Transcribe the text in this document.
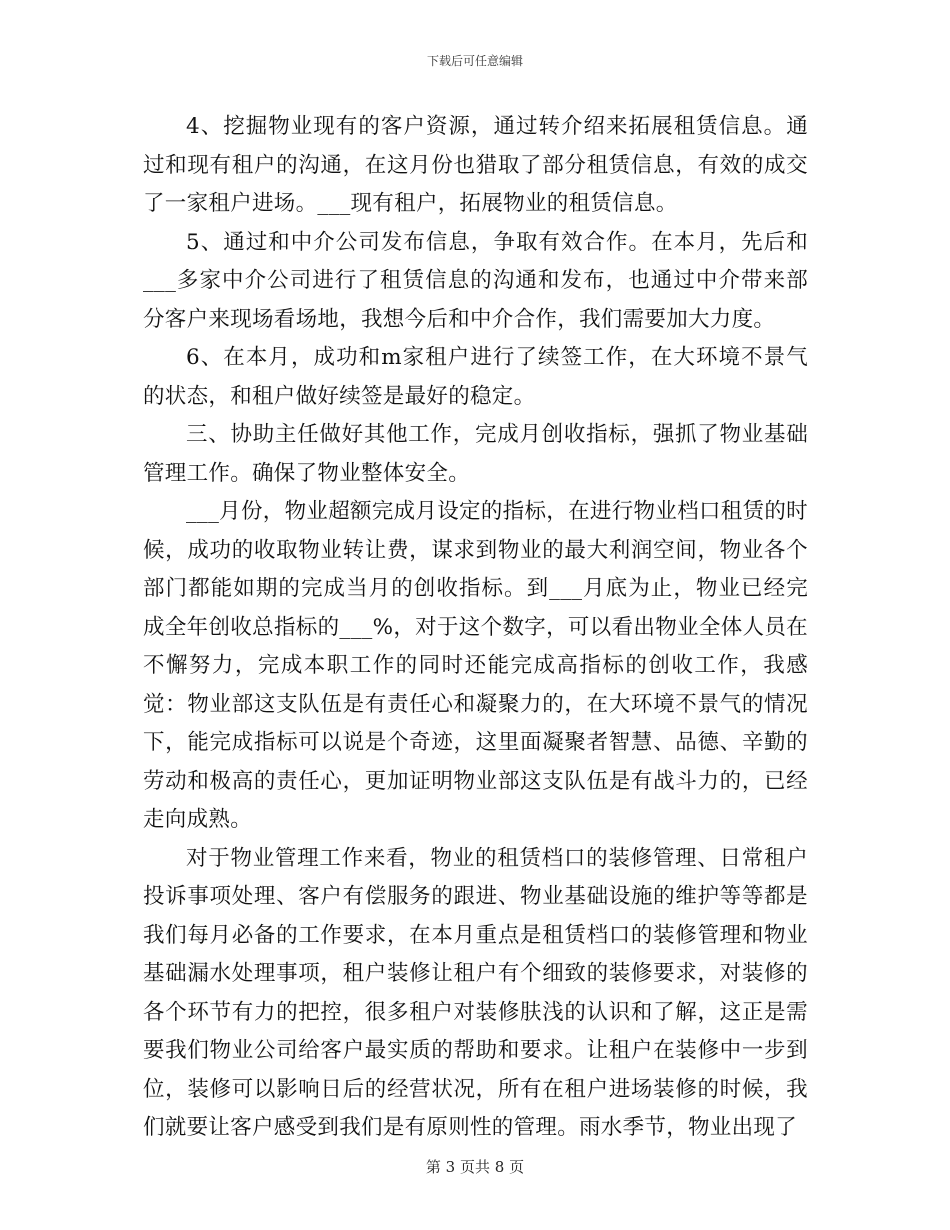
下载后可任意编辑

4、挖掘物业现有的客户资源，通过转介绍来拓展租赁信息。通过和现有租户的沟通，在这月份也猎取了部分租赁信息，有效的成交了一家租户进场。___现有租户，拓展物业的租赁信息。

5、通过和中介公司发布信息，争取有效合作。在本月，先后和___多家中介公司进行了租赁信息的沟通和发布，也通过中介带来部分客户来现场看场地，我想今后和中介合作，我们需要加大力度。

6、在本月，成功和m家租户进行了续签工作，在大环境不景气的状态，和租户做好续签是最好的稳定。

三、协助主任做好其他工作，完成月创收指标，强抓了物业基础管理工作。确保了物业整体安全。

___月份，物业超额完成月设定的指标，在进行物业档口租赁的时候，成功的收取物业转让费，谋求到物业的最大利润空间，物业各个部门都能如期的完成当月的创收指标。到___月底为止，物业已经完成全年创收总指标的___%，对于这个数字，可以看出物业全体人员在不懈努力，完成本职工作的同时还能完成高指标的创收工作，我感觉：物业部这支队伍是有责任心和凝聚力的，在大环境不景气的情况下，能完成指标可以说是个奇迹，这里面凝聚者智慧、品德、辛勤的劳动和极高的责任心，更加证明物业部这支队伍是有战斗力的，已经走向成熟。

对于物业管理工作来看，物业的租赁档口的装修管理、日常租户投诉事项处理、客户有偿服务的跟进、物业基础设施的维护等等都是我们每月必备的工作要求，在本月重点是租赁档口的装修管理和物业基础漏水处理事项，租户装修让租户有个细致的装修要求，对装修的各个环节有力的把控，很多租户对装修肤浅的认识和了解，这正是需要我们物业公司给客户最实质的帮助和要求。让租户在装修中一步到位，装修可以影响日后的经营状况，所有在租户进场装修的时候，我们就要让客户感受到我们是有原则性的管理。雨水季节，物业出现了

第 3 页共 8 页
